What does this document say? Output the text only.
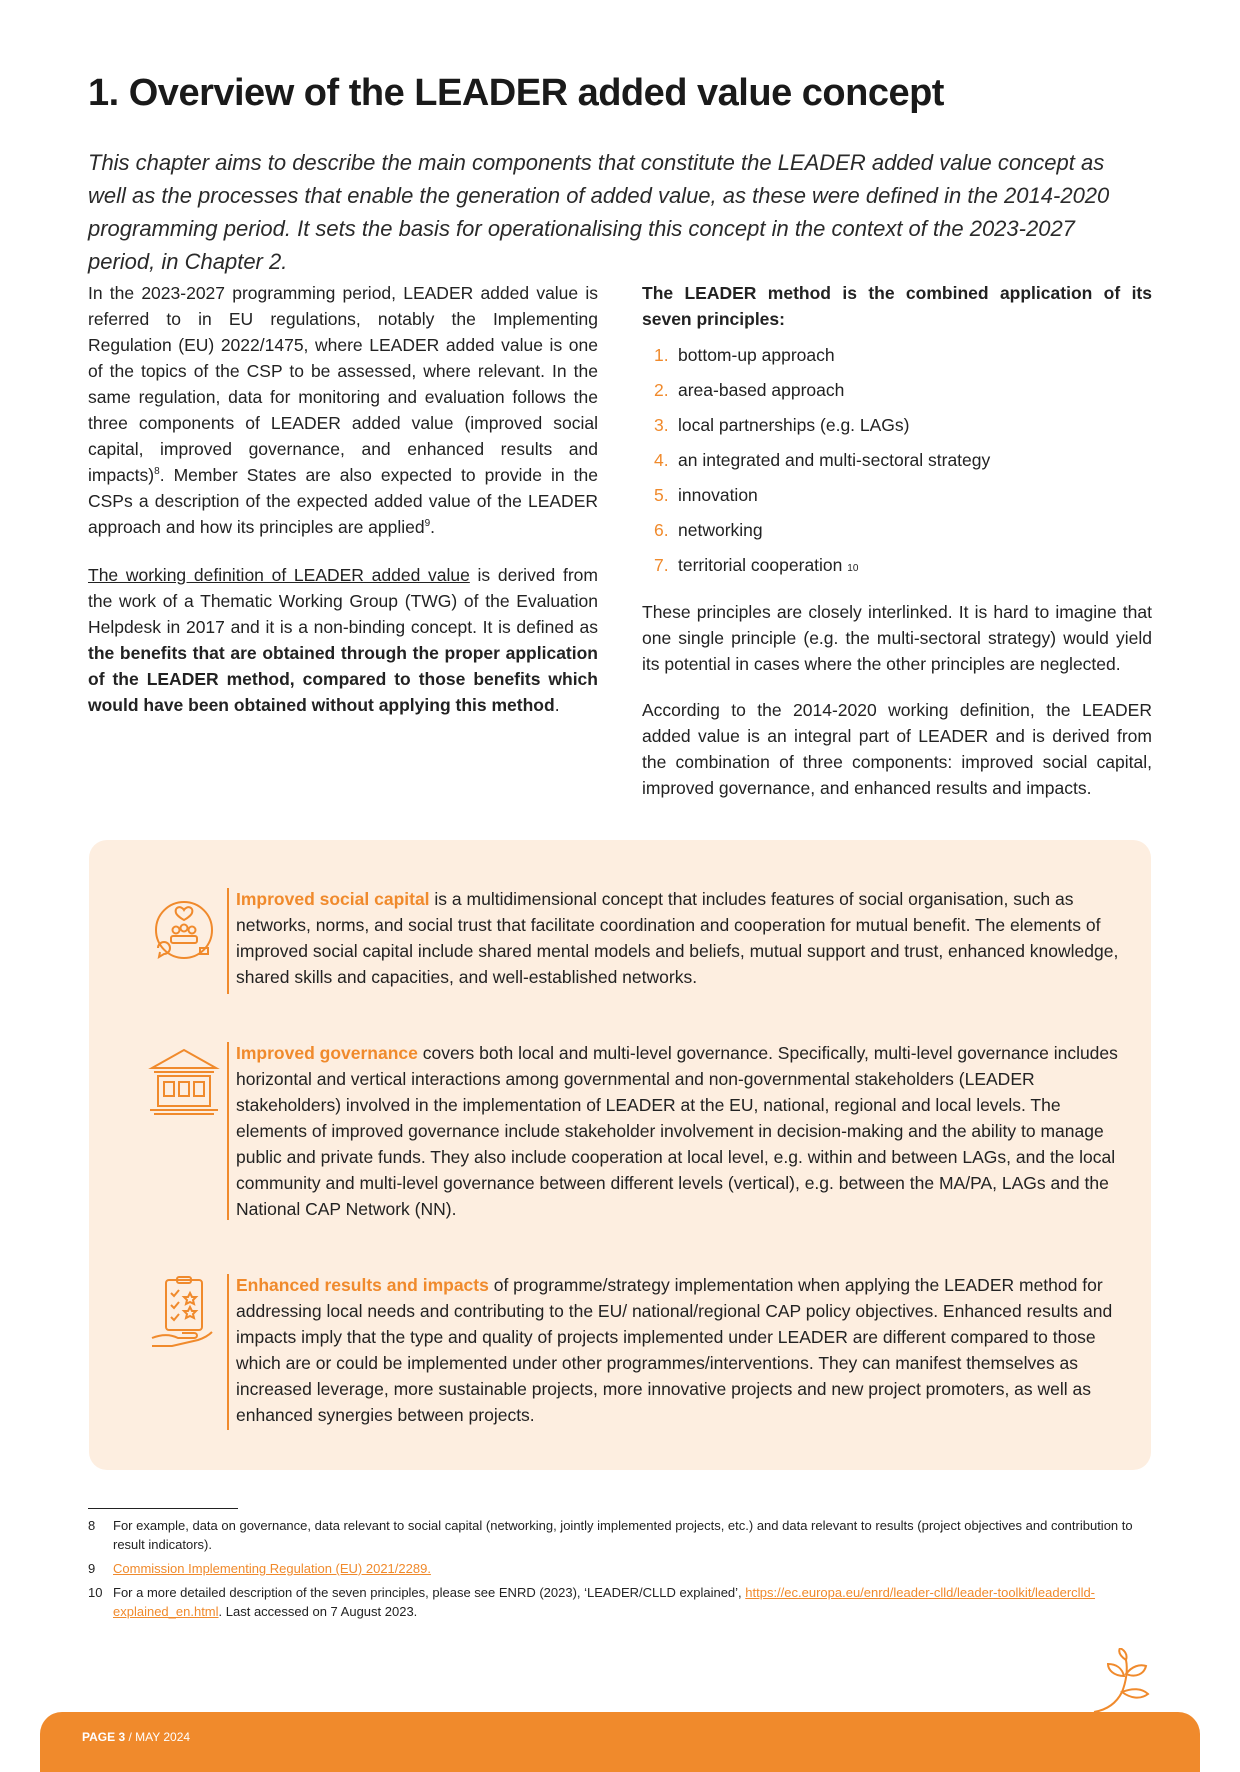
1. Overview of the LEADER added value concept

This chapter aims to describe the main components that constitute the LEADER added value concept as well as the processes that enable the generation of added value, as these were defined in the 2014-2020 programming period. It sets the basis for operationalising this concept in the context of the 2023-2027 period, in Chapter 2.

In the 2023-2027 programming period, LEADER added value is referred to in EU regulations, notably the Implementing Regulation (EU) 2022/1475, where LEADER added value is one of the topics of the CSP to be assessed, where relevant. In the same regulation, data for monitoring and evaluation follows the three components of LEADER added value (improved social capital, improved governance, and enhanced results and impacts)$^8$. Member States are also expected to provide in the CSPs a description of the expected added value of the LEADER approach and how its principles are applied$^9$.

The working definition of LEADER added value is derived from the work of a Thematic Working Group (TWG) of the Evaluation Helpdesk in 2017 and it is a non-binding concept. It is defined as the benefits that are obtained through the proper application of the LEADER method, compared to those benefits which would have been obtained without applying this method.

The LEADER method is the combined application of its seven principles:

1. bottom-up approach
2. area-based approach
3. local partnerships (e.g. LAGs)
4. an integrated and multi-sectoral strategy
5. innovation
6. networking
7. territorial cooperation
10

These principles are closely interlinked. It is hard to imagine that one single principle (e.g. the multi-sectoral strategy) would yield its potential in cases where the other principles are neglected.

According to the 2014-2020 working definition, the LEADER added value is an integral part of LEADER and is derived from the combination of three components: improved social capital, improved governance, and enhanced results and impacts.

Improved social capital is a multidimensional concept that includes features of social organisation, such as networks, norms, and social trust that facilitate coordination and cooperation for mutual benefit. The elements of improved social capital include shared mental models and beliefs, mutual support and trust, enhanced knowledge, shared skills and capacities, and well-established networks.
Improved governance covers both local and multi-level governance. Specifically, multi-level governance includes horizontal and vertical interactions among governmental and non-governmental stakeholders (LEADER stakeholders) involved in the implementation of LEADER at the EU, national, regional and local levels. The elements of improved governance include stakeholder involvement in decision-making and the ability to manage public and private funds. They also include cooperation at local level, e.g. within and between LAGs, and the local community and multi-level governance between different levels (vertical), e.g. between the MA/PA, LAGs and the National CAP Network (NN).
Enhanced results and impacts of programme/strategy implementation when applying the LEADER method for addressing local needs and contributing to the EU/ national/regional CAP policy objectives. Enhanced results and impacts imply that the type and quality of projects implemented under LEADER are different compared to those which are or could be implemented under other programmes/interventions. They can manifest themselves as increased leverage, more sustainable projects, more innovative projects and new project promoters, as well as enhanced synergies between projects.
8	For example, data on governance, data relevant to social capital (networking, jointly implemented projects, etc.) and data relevant to results (project objectives and contribution to result indicators).
9	Commission Implementing Regulation (EU) 2021/2289.
10 For a more detailed description of the seven principles, please see ENRD (2023), ‘LEADER/CLLD explained’, https://ec.europa.eu/enrd/leader-clld/leader-toolkit/leaderclld-explained_en.html. Last accessed on 7 August 2023.
PAGE 3 / MAY 2024
